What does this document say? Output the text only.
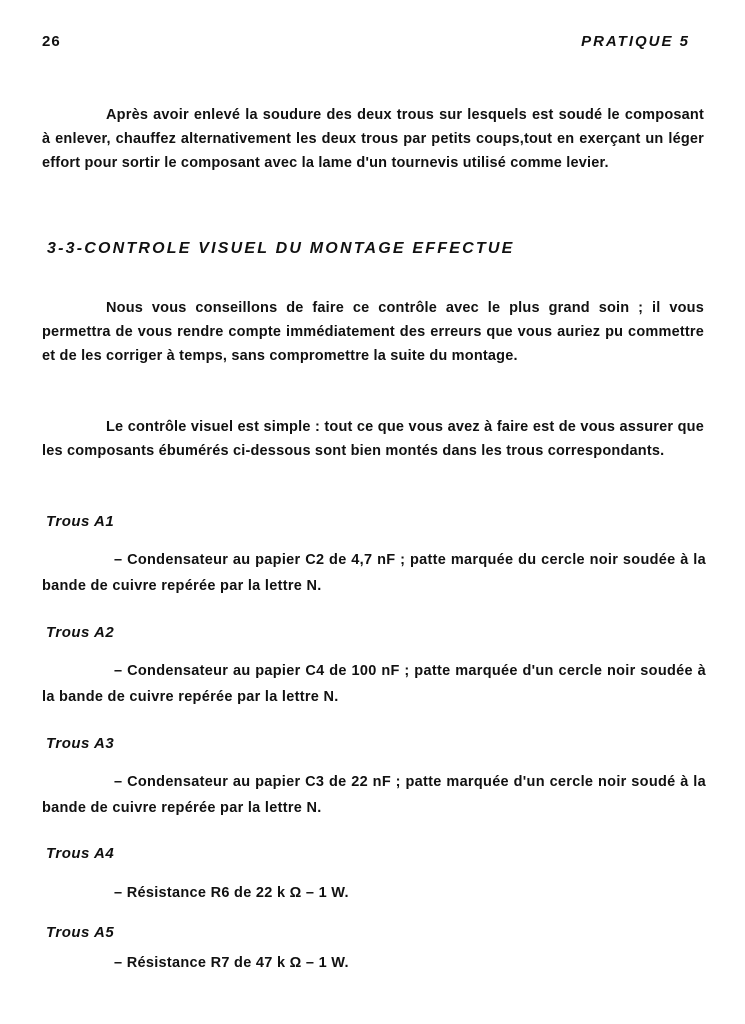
26	PRATIQUE 5

Après avoir enlevé la soudure des deux trous sur lesquels est soudé le composant à enlever, chauffez alternativement les deux trous par petits coups,tout en exerçant un léger effort pour sortir le composant avec la lame d'un tournevis utilisé comme levier.

3-3-CONTROLE VISUEL DU MONTAGE EFFECTUE

Nous vous conseillons de faire ce contrôle avec le plus grand soin ; il vous permettra de vous rendre compte immédiatement des erreurs que vous auriez pu commettre et de les corriger à temps, sans compromettre la suite du montage.

Le contrôle visuel est simple : tout ce que vous avez à faire est de vous assurer que les composants ébumérés ci-dessous sont bien montés dans les trous correspondants.

Trous A1

– Condensateur au papier C2 de 4,7 nF ; patte marquée du cercle noir soudée à la bande de cuivre repérée par la lettre N.

Trous A2

– Condensateur au papier C4 de 100 nF ; patte marquée d'un cercle noir soudée à la bande de cuivre repérée par la lettre N.

Trous A3

– Condensateur au papier C3 de 22 nF ; patte marquée d'un cercle noir soudé à la bande de cuivre repérée par la lettre N.

Trous A4

– Résistance R6 de 22 k Ω – 1 W.

Trous A5

– Résistance R7 de 47 k Ω – 1 W.
